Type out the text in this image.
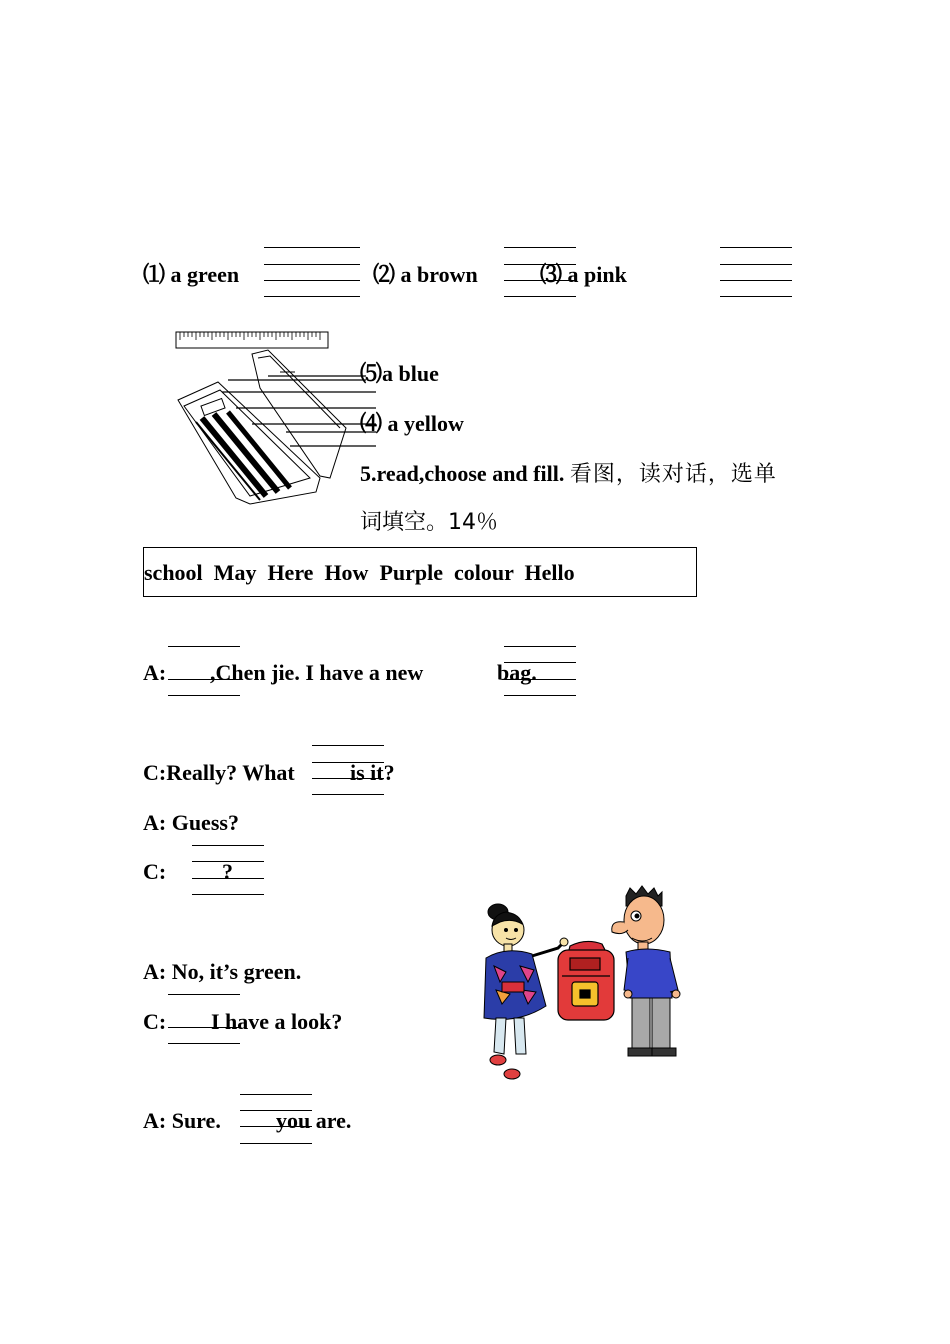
⑴ a green	⑵ a brown	⑶ a pink
⑸a blue
⑷ a yellow
5.read,choose and fill. 看图，读对话，选单
词填空。14％
school  May  Here  How  Purple  colour  Hello
A: ,Chen jie. I have a new	bag.
C:Really? What	is it?
A: Guess?
C:	?
A: No, it’s green.
C: I have a look?
A: Sure.	you are.
